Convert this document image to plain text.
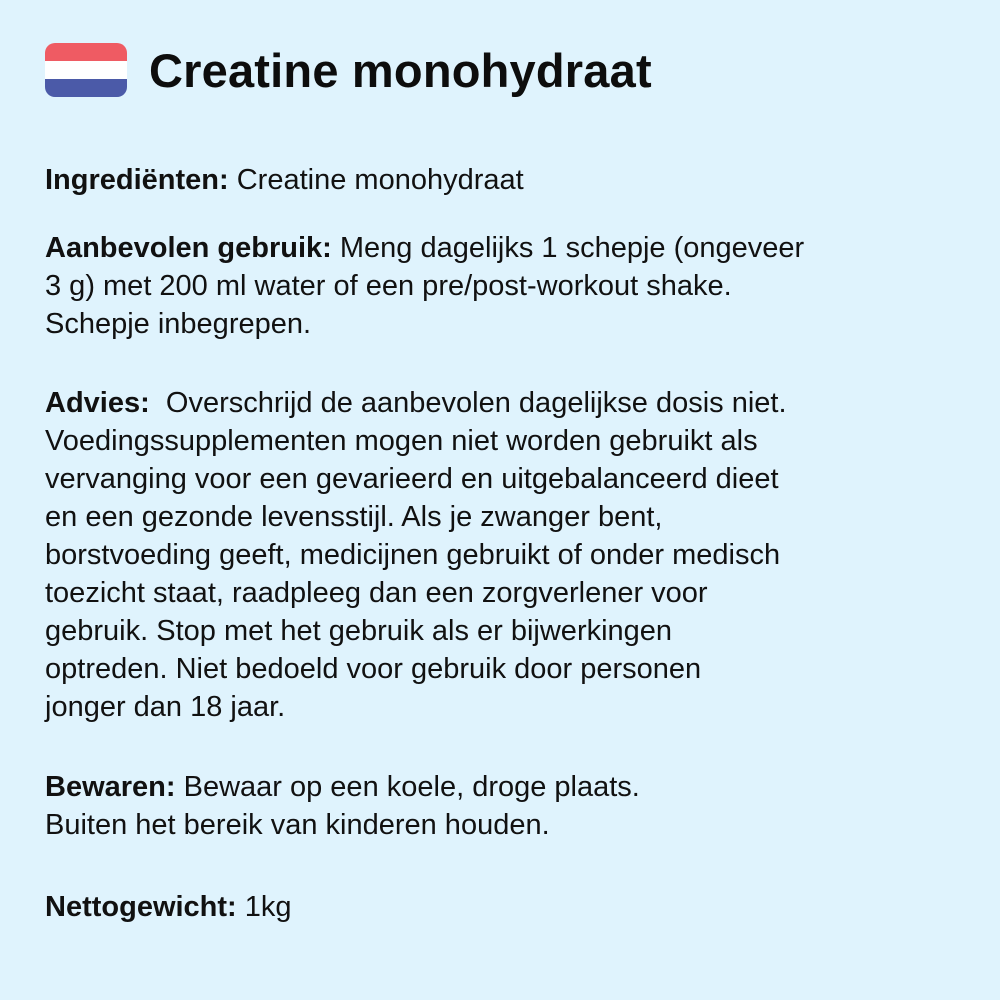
Creatine monohydraat
Ingrediënten: Creatine monohydraat
Aanbevolen gebruik: Meng dagelijks 1 schepje (ongeveer
3 g) met 200 ml water of een pre/post-workout shake.
Schepje inbegrepen.
Advies: Overschrijd de aanbevolen dagelijkse dosis niet.
Voedingssupplementen mogen niet worden gebruikt als
vervanging voor een gevarieerd en uitgebalanceerd dieet
en een gezonde levensstijl. Als je zwanger bent,
borstvoeding geeft, medicijnen gebruikt of onder medisch
toezicht staat, raadpleeg dan een zorgverlener voor
gebruik. Stop met het gebruik als er bijwerkingen
optreden. Niet bedoeld voor gebruik door personen
jonger dan 18 jaar.
Bewaren: Bewaar op een koele, droge plaats.
Buiten het bereik van kinderen houden.
Nettogewicht: 1kg
